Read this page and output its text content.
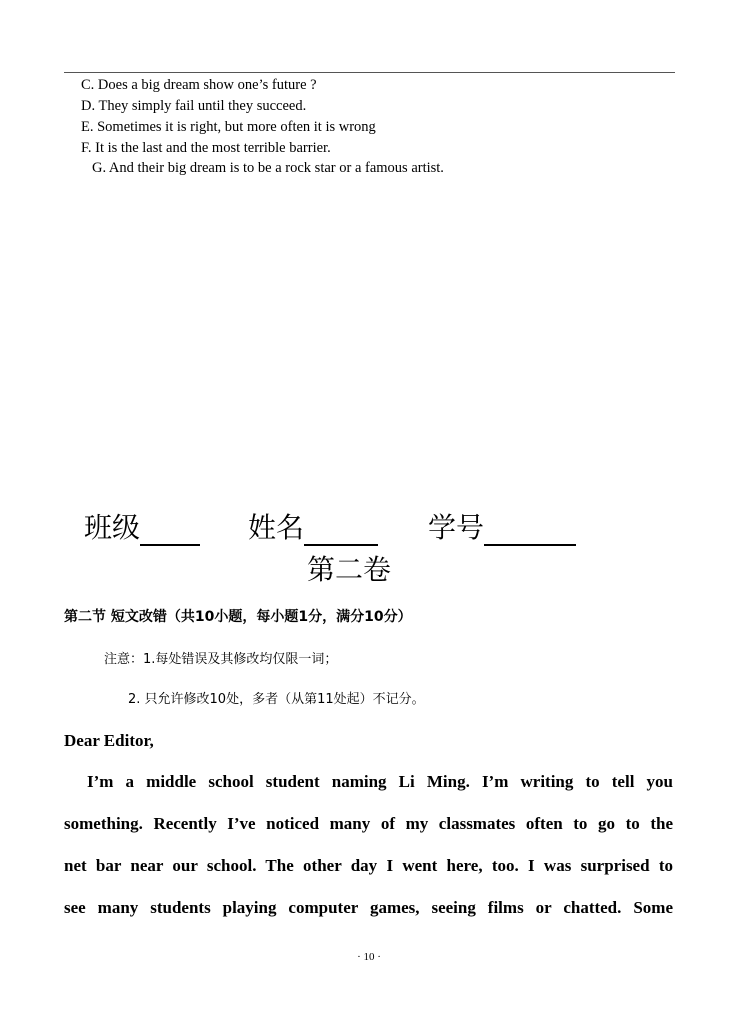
C. Does a big dream show one’s future ?
D. They simply fail until they succeed.
E. Sometimes it is right, but more often it is wrong
F. It is the last and the most terrible barrier.
G. And their big dream is to be a rock star or a famous artist.
班级	姓名	学号
第二卷
第二节 短文改错（共10小题，每小题1分，满分10分）
注意：1.每处错误及其修改均仅限一词；
2. 只允许修改10处，多者（从第11处起）不记分。
Dear Editor,
I’m a middle school student naming Li Ming. I’m writing to tell you
something. Recently I’ve noticed many of my classmates often to go to the
net bar near our school. The other day I went here, too. I was surprised to
see many students playing computer games, seeing films or chatted. Some
· 10 ·
